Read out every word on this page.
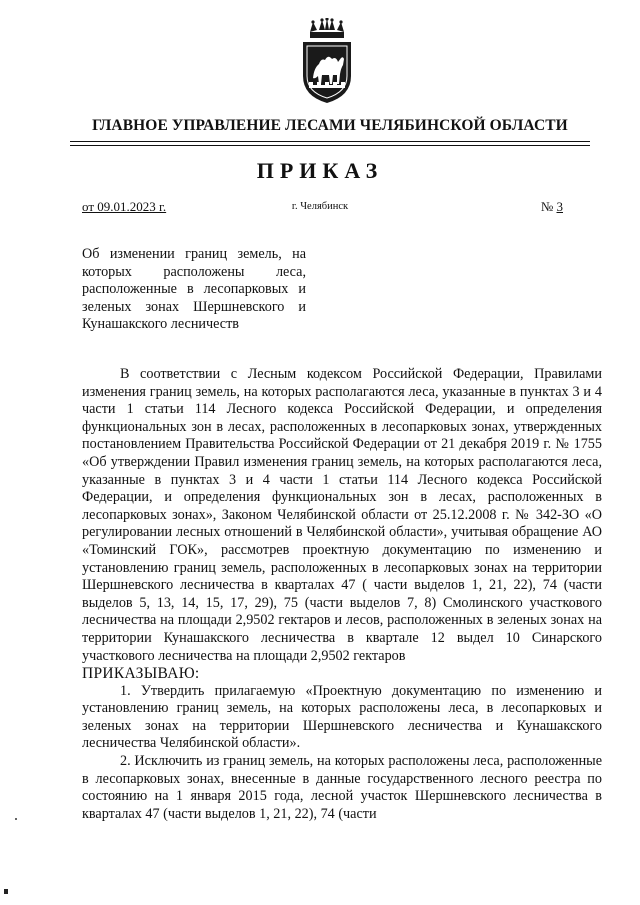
ГЛАВНОЕ УПРАВЛЕНИЕ ЛЕСАМИ ЧЕЛЯБИНСКОЙ ОБЛАСТИ
ПРИКАЗ
от 09.01.2023 г.	г. Челябинск	№ 3
Об изменении границ земель, на которых расположены леса, расположенные в лесопарковых и зеленых зонах Шершневского и Кунашакского лесничеств

В соответствии с Лесным кодексом Российской Федерации, Правилами изменения границ земель, на которых располагаются леса, указанные в пунктах 3 и 4 части 1 статьи 114 Лесного кодекса Российской Федерации, и определения функциональных зон в лесах, расположенных в лесопарковых зонах, утвержденных постановлением Правительства Российской Федерации от 21 декабря 2019 г. № 1755 «Об утверждении Правил изменения границ земель, на которых располагаются леса, указанные в пунктах 3 и 4 части 1 статьи 114 Лесного кодекса Российской Федерации, и определения функциональных зон в лесах, расположенных в лесопарковых зонах», Законом Челябинской области от 25.12.2008 г. № 342-ЗО «О регулировании лесных отношений в Челябинской области», учитывая обращение АО «Томинский ГОК», рассмотрев проектную документацию по изменению и установлению границ земель, расположенных в лесопарковых зонах на территории Шершневского лесничества в кварталах 47 ( части выделов 1, 21, 22), 74 (части выделов 5, 13, 14, 15, 17, 29), 75 (части выделов 7, 8) Смолинского участкового лесничества на площади 2,9502 гектаров и лесов, расположенных в зеленых зонах на территории Кунашакского лесничества в квартале 12 выдел 10 Синарского участкового лесничества на площади 2,9502 гектаров

ПРИКАЗЫВАЮ:

1. Утвердить прилагаемую «Проектную документацию по изменению и установлению границ земель, на которых расположены леса, в лесопарковых и зеленых зонах на территории Шершневского лесничества и Кунашакского лесничества Челябинской области».

2. Исключить из границ земель, на которых расположены леса, расположенные в лесопарковых зонах, внесенные в данные государственного лесного реестра по состоянию на 1 января 2015 года, лесной участок Шершневского лесничества в кварталах 47 (части выделов 1, 21, 22), 74 (части
